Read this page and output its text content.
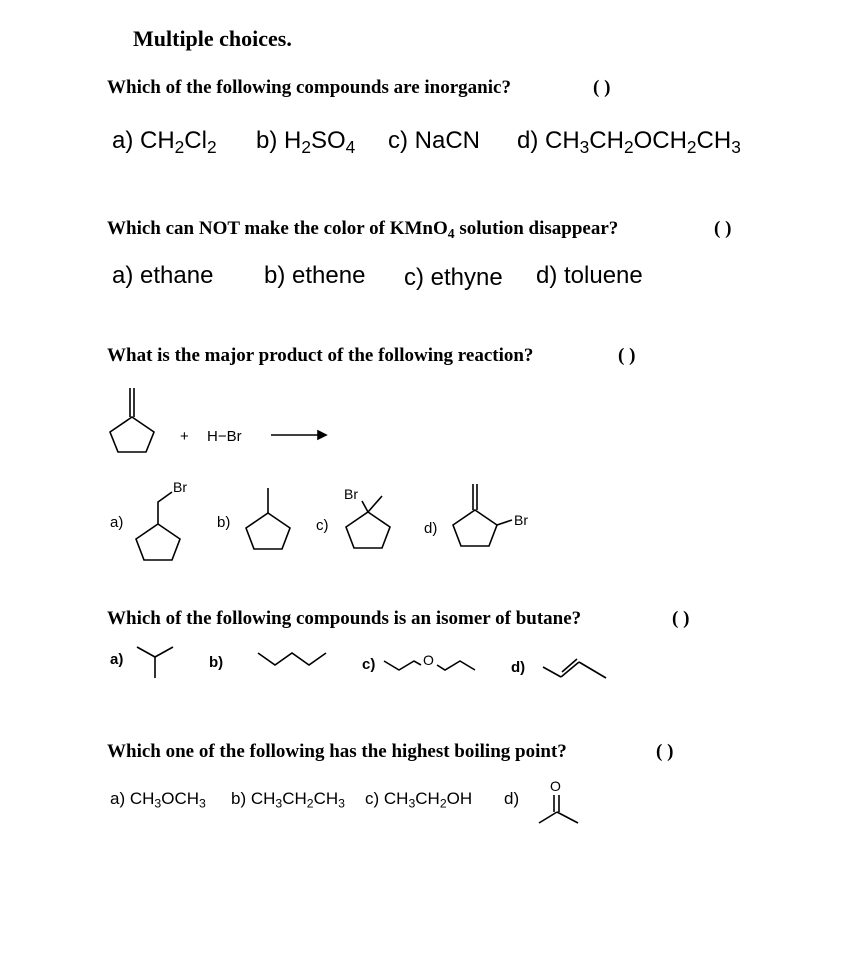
Multiple choices.
Which of the following compounds are inorganic?	( )
a) $CH_2Cl_2$ b) $H_2SO_4$ c) NaCN d) $CH_3CH_2OCH_2CH_3$
Which can NOT make the color of KMnO$_4$ solution disappear?	( )
a) ethane b) ethene c) ethyne d) toluene
What is the major product of the following reaction?	( )
+ H−Br
a)
Br
b)	c)
Br
d)	Br
Which of the following compounds is an isomer of butane?	( )
a)	b)	c)	O	d)
Which one of the following has the highest boiling point?	( )
a) $CH_3OCH_3$ b) $CH_3CH_2CH_3$ c) $CH_3CH_2OH$ d)
O
